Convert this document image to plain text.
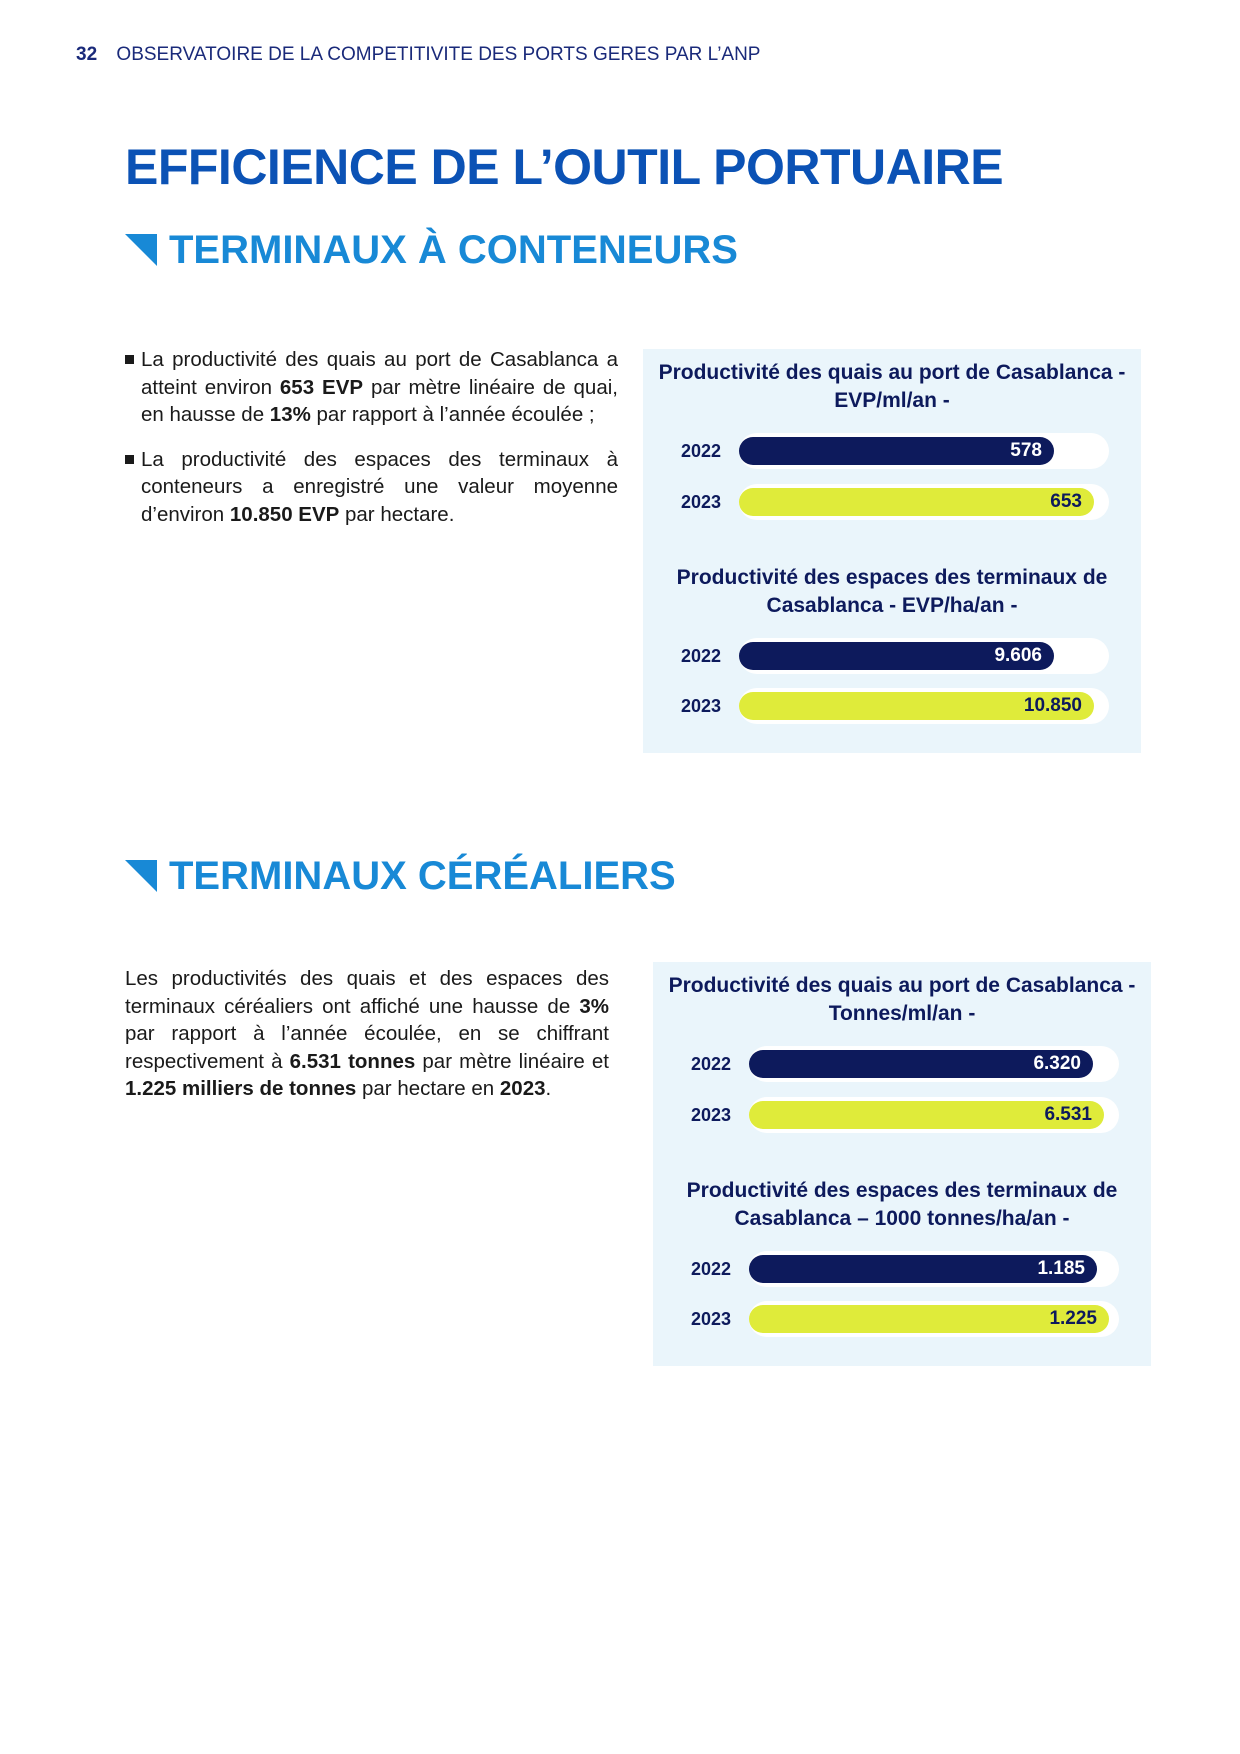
32 OBSERVATOIRE DE LA COMPETITIVITE DES PORTS GERES PAR L’ANP
EFFICIENCE DE L’OUTIL PORTUAIRE
TERMINAUX À CONTENEURS

La productivité des quais au port de Casablanca a atteint environ 653 EVP par mètre linéaire de quai, en hausse de 13% par rapport à l’année écoulée ;

La productivité des espaces des terminaux à conteneurs a enregistré une valeur moyenne d’environ 10.850 EVP par hectare.

Productivité des quais au port de Casablanca - EVP/ml/an -
2022	578
2023	653
Productivité des espaces des terminaux de Casablanca - EVP/ha/an -
2022	9.606
2023	10.850
TERMINAUX CÉRÉALIERS

Les productivités des quais et des espaces des terminaux céréaliers ont affiché une hausse de 3% par rapport à l’année écoulée, en se chiffrant respectivement à 6.531 tonnes par mètre linéaire et 1.225 milliers de tonnes par hectare en 2023.

Productivité des quais au port de Casablanca - Tonnes/ml/an -
2022	6.320
2023	6.531
Productivité des espaces des terminaux de Casablanca – 1000 tonnes/ha/an -
2022	1.185
2023	1.225
